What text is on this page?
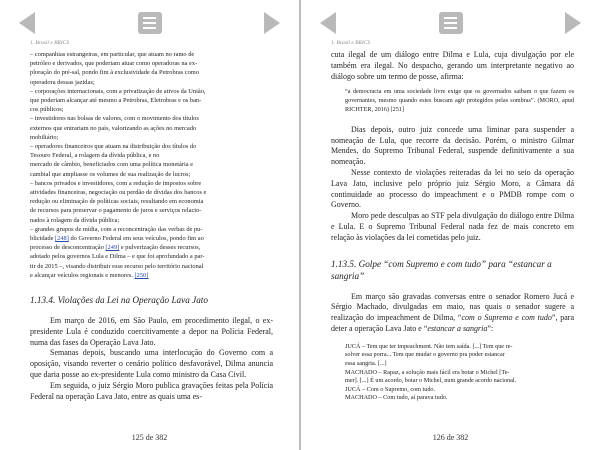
1. Brasil e BRICS

– companhias estrangeiras, em particular, que atuam no ramo de

petróleo e derivados, que poderiam atuar como operadoras na ex-

ploração do pré-sal, pondo fim à exclusividade da Petrobras como

operadora dessas jazidas;

– corporações internacionais, com a privatização de ativos da União,

que poderiam alcançar até mesmo a Petrobras, Eletrobras e os ban-

cos públicos;

– investidores nas bolsas de valores, com o movimento dos títulos

externos que entrariam no país, valorizando as ações no mercado

mobiliário;

– operadores financeiros que atuam na distribuição dos títulos do

Tesouro Federal, a rolagem da dívida pública, e no

mercado de câmbio, beneficiados com uma política monetária e

cambial que ampliasse os volumes de sua realização de lucros;

– bancos privados e investidores, com a redução de impostos sobre

atividades financeiras, negociação ou perdão de dívidas dos bancos e

redução ou eliminação de políticas sociais, resultando em economia

de recursos para preservar o pagamento de juros e serviços relacio-

nados à rolagem da dívida pública;

– grandes grupos de mídia, com a reconcentração das verbas de pu-

blicidade [248] do Governo Federal em seus veículos, pondo fim ao

processo de desconcentração [249] e pulverização desses recursos,

adotado pelos governos Lula e Dilma – e que foi aprofundado a par-

tir de 2015 –, visando distribuir esse recurso pelo território nacional

e alcançar veículos regionais e menores. [250]

1.13.4. Violações da Lei na Operação Lava Jato

Em março de 2016, em São Paulo, em procedimento ilegal, o ex-presidente Lula é conduzido coercitivamente a depor na Polícia Federal, numa das fases da Operação Lava Jato.

Semanas depois, buscando uma interlocução do Governo com a oposição, visando reverter o cenário político desfavorável, Dilma anuncia que daria posse ao ex-presidente Lula como ministro da Casa Civil.

Em seguida, o juiz Sérgio Moro publica gravações feitas pela Polícia Federal na operação Lava Jato, entre as quais uma es-

125 de 382
1. Brasil e BRICS

cuta ilegal de um diálogo entre Dilma e Lula, cuja divulgação por ele também era ilegal. No despacho, gerando um interpretante negativo ao diálogo sobre um termo de posse, afirma:

“a democracia em uma sociedade livre exige que os governados saibam o que fazem os governantes, mesmo quando estes buscam agir protegidos pelas sombras”. (MORO, apud RICHTER, 2016) [251]

Dias depois, outro juiz concede uma liminar para suspender a nomeação de Lula, que recorre da decisão. Porém, o ministro Gilmar Mendes, do Supremo Tribunal Federal, suspende definitivamente a sua nomeação.

Nesse contexto de violações reiteradas da lei no seio da operação Lava Jato, inclusive pelo próprio juiz Sérgio Moro, a Câmara dá continuidade ao processo do impeachment e o PMDB rompe com o Governo.

Moro pede desculpas ao STF pela divulgação do diálogo entre Dilma e Lula. E o Supremo Tribunal Federal nada fez de mais concreto em relação às violações da lei cometidas pelo juiz.

1.13.5. Golpe “com Supremo e com tudo” para “estancar a sangria”

Em março são gravadas conversas entre o senador Romero Jucá e Sérgio Machado, divulgadas em maio, nas quais o senador sugere a realização do impeachment de Dilma, “com o Supremo e com tudo”, para deter a operação Lava Jato e “estancar a sangria”:

JUCÁ – Tem que ter impeachment. Não tem saída. [...] Tem que re-

solver essa porra... Tem que mudar o governo pra poder estancar

essa sangria. [...]

MACHADO – Rapaz, a solução mais fácil era botar o Michel [Te-

mer]. [...] É um acordo, botar o Michel, num grande acordo nacional.

JUCÁ – Com o Supremo, com tudo.

MACHADO – Com tudo, aí parava tudo.

126 de 382
